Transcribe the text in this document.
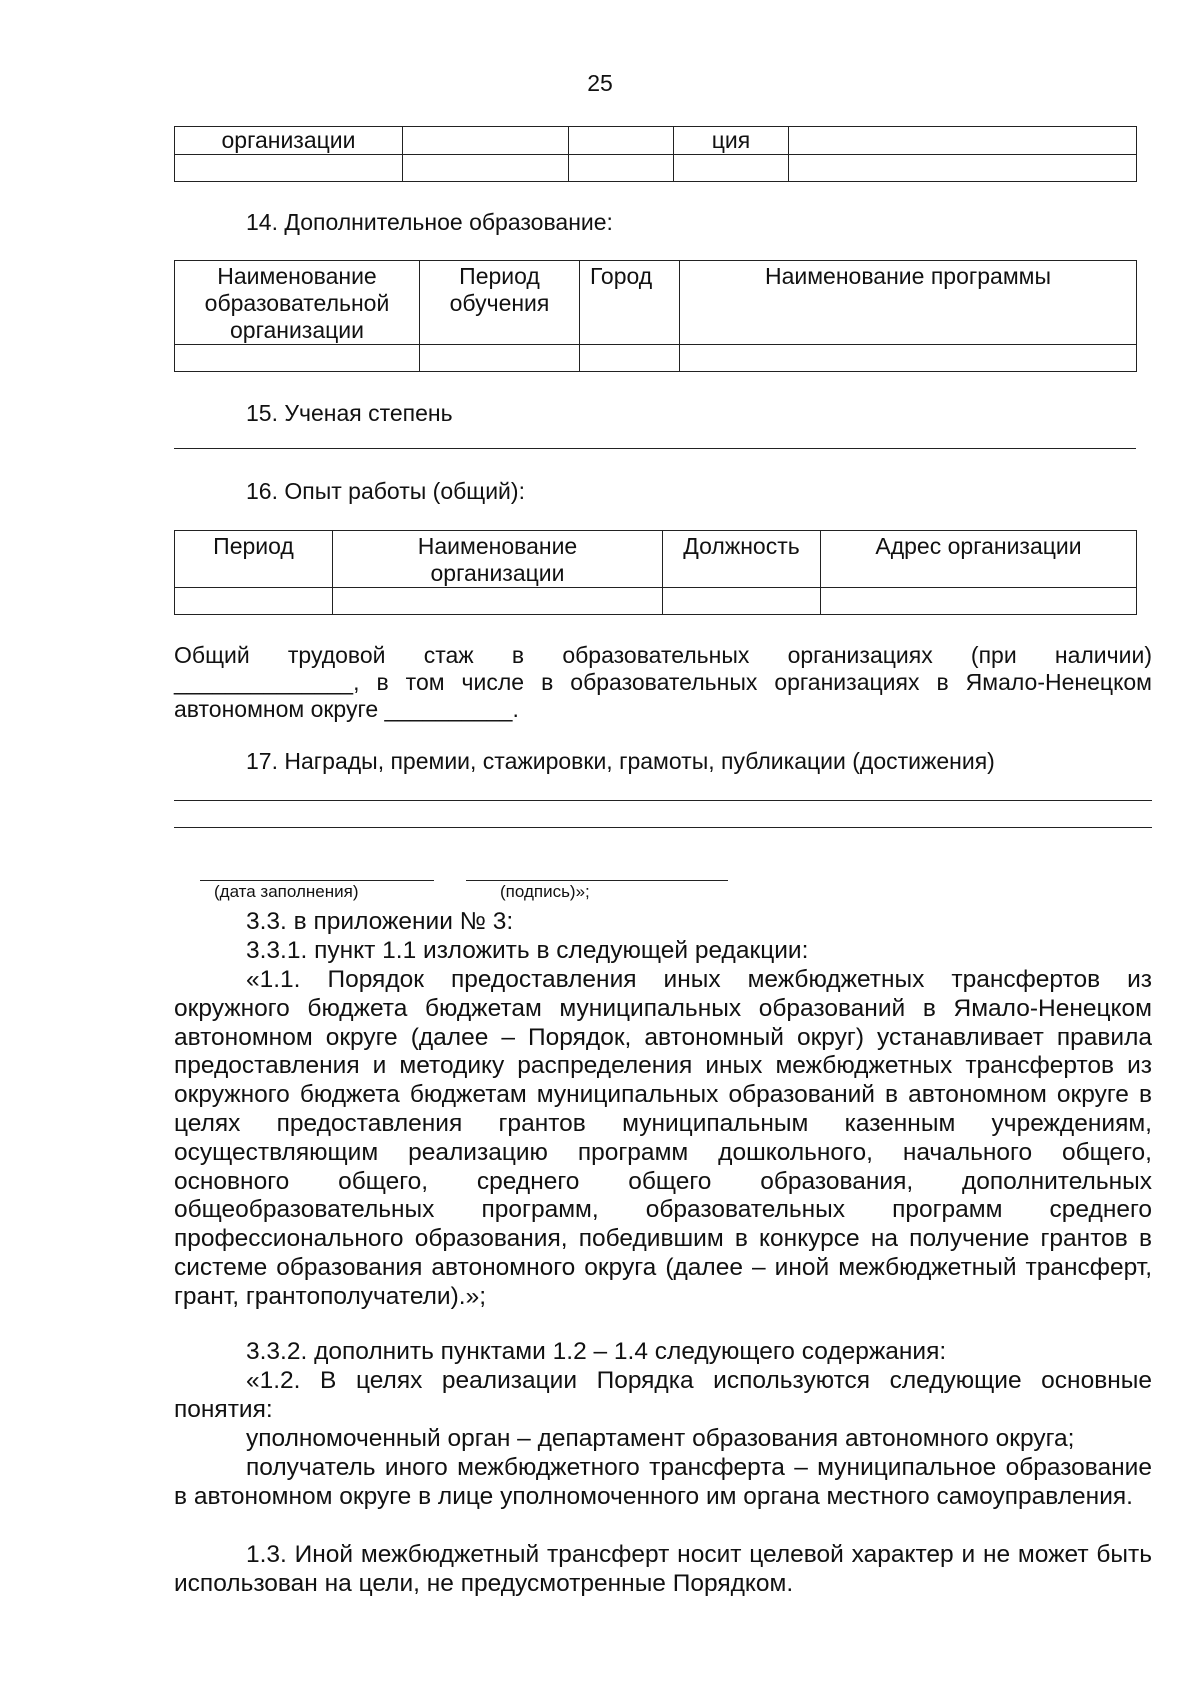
25
организации			ция	

14. Дополнительное образование:
Наименование образовательной организации	Период обучения	Город	Наименование программы

15. Ученая степень
16. Опыт работы (общий):
Период	Наименование организации	Должность	Адрес организации

Общий трудовой стаж в образовательных организациях (при наличии)
______________, в том числе в образовательных организациях в Ямало-Ненецком
автономном округе __________.
17. Награды, премии, стажировки, грамоты, публикации (достижения)
(дата заполнения)	(подпись)»;
3.3. в приложении № 3:
3.3.1. пункт 1.1 изложить в следующей редакции:
«1.1. Порядок предоставления иных межбюджетных трансфертов из окружного бюджета бюджетам муниципальных образований в Ямало-Ненецком автономном округе (далее – Порядок, автономный округ) устанавливает правила предоставления и методику распределения иных межбюджетных трансфертов из окружного бюджета бюджетам муниципальных образований в автономном округе в целях предоставления грантов муниципальным казенным учреждениям, осуществляющим реализацию программ дошкольного, начального общего, основного общего, среднего общего образования, дополнительных общеобразовательных программ, образовательных программ среднего профессионального образования, победившим в конкурсе на получение грантов в системе образования автономного округа (далее – иной межбюджетный трансферт, грант, грантополучатели).»;
3.3.2. дополнить пунктами 1.2 – 1.4 следующего содержания:
«1.2. В целях реализации Порядка используются следующие основные понятия:
уполномоченный орган – департамент образования автономного округа;
получатель иного межбюджетного трансферта – муниципальное образование в автономном округе в лице уполномоченного им органа местного самоуправления.
1.3. Иной межбюджетный трансферт носит целевой характер и не может быть использован на цели, не предусмотренные Порядком.
